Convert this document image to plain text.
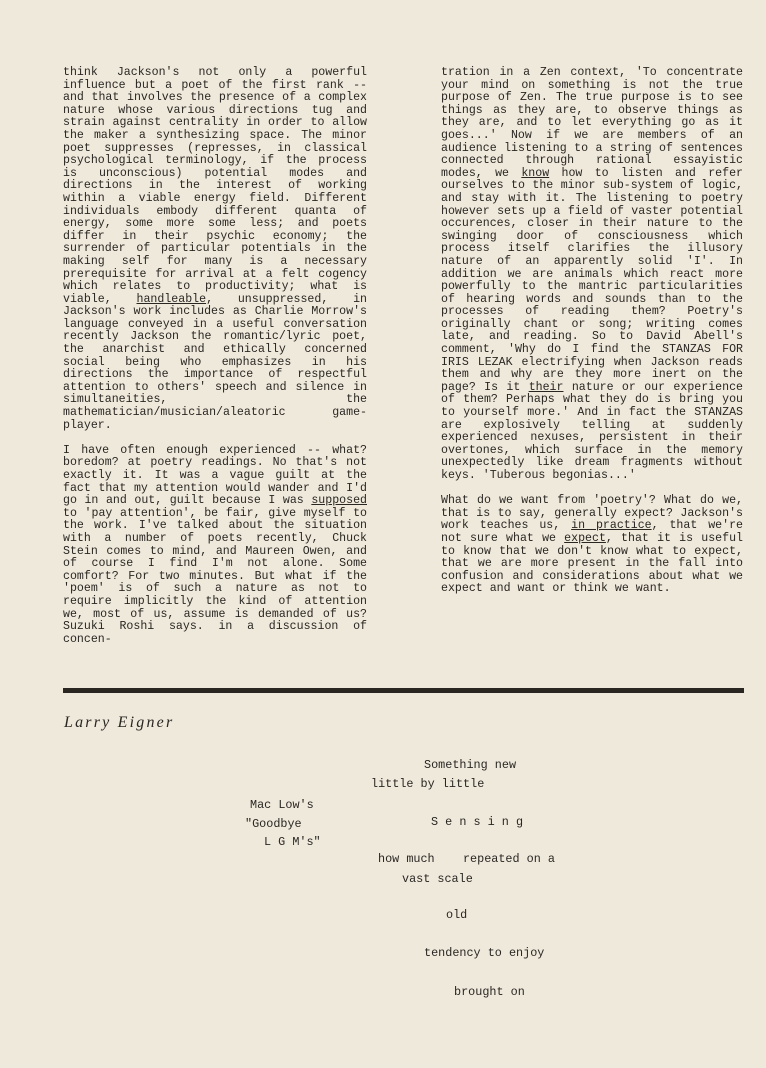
think Jackson's not only a powerful influence but a poet of the first rank -- and that involves the presence of a complex nature whose various directions tug and strain against centrality in order to allow the maker a synthesizing space. The minor poet suppresses (represses, in classical psychological terminology, if the process is unconscious) potential modes and directions in the interest of working within a viable energy field. Different individuals embody different quanta of energy, some more some less; and poets differ in their psychic economy; the surrender of particular potentials in the making self for many is a necessary prerequisite for arrival at a felt cogency which relates to productivity; what is viable, handleable, unsuppressed, in Jackson's work includes as Charlie Morrow's language conveyed in a useful conversation recently Jackson the romantic/lyric poet, the anarchist and ethically concerned social being who emphasizes in his directions the importance of respectful attention to others' speech and silence in simultaneities, the mathematician/musician/aleatoric game-player.

I have often enough experienced -- what? boredom? at poetry readings. No that's not exactly it. It was a vague guilt at the fact that my attention would wander and I'd go in and out, guilt because I was supposed to 'pay attention', be fair, give myself to the work. I've talked about the situation with a number of poets recently, Chuck Stein comes to mind, and Maureen Owen, and of course I find I'm not alone. Some comfort? For two minutes. But what if the 'poem' is of such a nature as not to require implicitly the kind of attention we, most of us, assume is demanded of us? Suzuki Roshi says. in a discussion of concen-

tration in a Zen context, 'To concentrate your mind on something is not the true purpose of Zen. The true purpose is to see things as they are, to observe things as they are, and to let everything go as it goes...' Now if we are members of an audience listening to a string of sentences connected through rational essayistic modes, we know how to listen and refer ourselves to the minor sub-system of logic, and stay with it. The listening to poetry however sets up a field of vaster potential occurences, closer in their nature to the swinging door of consciousness which process itself clarifies the illusory nature of an apparently solid 'I'. In addition we are animals which react more powerfully to the mantric particularities of hearing words and sounds than to the processes of reading them? Poetry's originally chant or song; writing comes late, and reading. So to David Abell's comment, 'Why do I find the STANZAS FOR IRIS LEZAK electrifying when Jackson reads them and why are they more inert on the page? Is it their nature or our experience of them? Perhaps what they do is bring you to yourself more.' And in fact the STANZAS are explosively telling at suddenly experienced nexuses, persistent in their overtones, which surface in the memory unexpectedly like dream fragments without keys. 'Tuberous begonias...'

What do we want from 'poetry'? What do we, that is to say, generally expect? Jackson's work teaches us, in practice, that we're not sure what we expect, that it is useful to know that we don't know what to expect, that we are more present in the fall into confusion and considerations about what we expect and want or think we want.

Larry Eigner
Something new
little by little
Mac Low's
"Goodbye	S e n s i n g
L G M's"
how much    repeated on a
vast scale
old
tendency to enjoy
brought on
